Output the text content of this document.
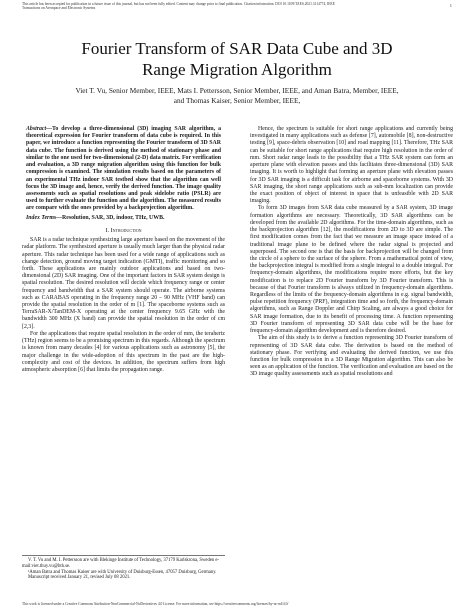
This article has been accepted for publication in a future issue of this journal, but has not been fully edited. Content may change prior to final publication. Citation information: DOI 10.1109/TAES.2021.3114774, IEEE
Transactions on Aerospace and Electronic Systems
1
Fourier Transform of SAR Data Cube and 3D
Range Migration Algorithm
Viet T. Vu, Senior Member, IEEE, Mats I. Pettersson, Senior Member, IEEE, and Aman Batra, Member, IEEE,
and Thomas Kaiser, Senior Member, IEEE,

Abstract—To develop a three-dimensional (3D) imaging SAR algorithm, a theoretical expression for Fourier transform of data cube is required. In this paper, we introduce a function representing the Fourier transform of 3D SAR data cube. The function is derived using the method of stationary phase and similar to the one used for two-dimensional (2-D) data matrix. For verification and evaluation, a 3D range migration algorithm using this function for bulk compression is examined. The simulation results based on the parameters of an experimental THz indoor SAR testbed show that the algorithm can well focus the 3D image and, hence, verify the derived function. The image quality assessments such as spatial resolutions and peak sidelobe ratio (PSLR) are used to further evaluate the function and the algorithm. The measured results are compare with the ones provided by a backprojection algorithm.

Index Terms—Resolution, SAR, 3D, indoor, THz, UWB.

I. Introduction

SAR is a radar technique synthesizing large aperture based on the movement of the radar platform. The synthesized aperture is usually much larger than the physical radar aperture. This radar technique has been used for a wide range of applications such as change detection, ground moving target indication (GMTI), traffic monitoring and so forth. These applications are mainly outdoor applications and based on two-dimensional (2D) SAR imaging. One of the important factors in SAR system design is spatial resolution. The desired resolution will decide which frequency range or center frequency and bandwidth that a SAR system should operate. The airborne systems such as CARABAS operating in the frequency range 20 – 90 MHz (VHF band) can provide the spatial resolution in the order of m [1]. The spaceborne systems such as TerraSAR-X/TanDEM-X operating at the center frequency 9.65 GHz with the bandwidth 300 MHz (X band) can provide the spatial resolution in the order of cm [2,3].

For the applications that require spatial resolution in the order of mm, the terahertz (THz) region seems to be a promising spectrum in this regards. Although the spectrum is known from many decades [4] for various applications such as astronomy [5], the major challenge in the wide-adoption of this spectrum in the past are the high-complexity and cost of the devices. In addition, the spectrum suffers from high atmospheric absorption [6] that limits the propagation range.

Hence, the spectrum is suitable for short range applications and currently being investigated in many applications such as defense [7], automobile [8], non-destructive testing [9], space-debris observation [10] and road mapping [11]. Therefore, THz SAR can be suitable for short range applications that require high resolution in the order of mm. Short radar range leads to the possibility that a THz SAR system can form an aperture plane with elevation passes and this facilitates three-dimensional (3D) SAR imaging. It is worth to highlight that forming an aperture plane with elevation passes for 3D SAR imaging is a difficult task for airborne and spaceborne systems. With 3D SAR imaging, the short range applications such as sub-mm localization can provide the exact position of object of interest in space that is unfeasible with 2D SAR imaging.

To form 3D images from SAR data cube measured by a SAR system, 3D image formation algorithms are necessary. Theoretically, 3D SAR algorithms can be developed from the available 2D algorithms. For the time-domain algorithms, such as the backprojection algorithm [12], the modifications from 2D to 3D are simple. The first modification comes from the fact that we measure an image space instead of a traditional image plane to be defined where the radar signal is projected and superposed. The second one is that the basis for backprojection will be changed from the circle of a sphere to the surface of the sphere. From a mathematical point of view, the backprojection integral is modified from a single integral to a double integral. For frequency-domain algorithms, the modifications require more efforts, but the key modification is to replace 2D Fourier transform by 3D Fourier transform. This is because of that Fourier transform is always utilized in frequency-domain algorithms. Regardless of the limits of the frequency-domain algorithms in e.g. signal bandwidth, pulse repetition frequency (PRF), integration time and so forth, the frequency-domain algorithms, such as Range Doppler and Chirp Scaling, are always a good choice for SAR image formation, due to its benefit of processing time. A function representing 3D Fourier transform of representing 3D SAR data cube will be the base for frequency-domain algorithm development and is therefore desired.

The aim of this study is to derive a function representing 3D Fourier transform of representing of 3D SAR data cube. The derivation is based on the method of stationary phase. For verifying and evaluating the derived function, we use this function for bulk compression in a 3D Range Migration algorithm. This can also be seen as an application of the function. The verification and evaluation are based on the 3D image quality assessments such as spatial resolutions and

V. T. Vu and M. I. Pettersson are with Blekinge Institute of Technology, 37179 Karlskrona, Sweden e-mail:viet.thuy.vu@bth.se.

¹Aman Batra and Thomas Kaiser are with University of Duisburg-Essen, 47057 Duisburg, Germany.

Manuscript received January 21, revised July 08 2021.

This work is licensed under a Creative Commons Attribution-NonCommercial-NoDerivatives 4.0 License. For more information, see https://creativecommons.org/licenses/by-nc-nd/4.0/
